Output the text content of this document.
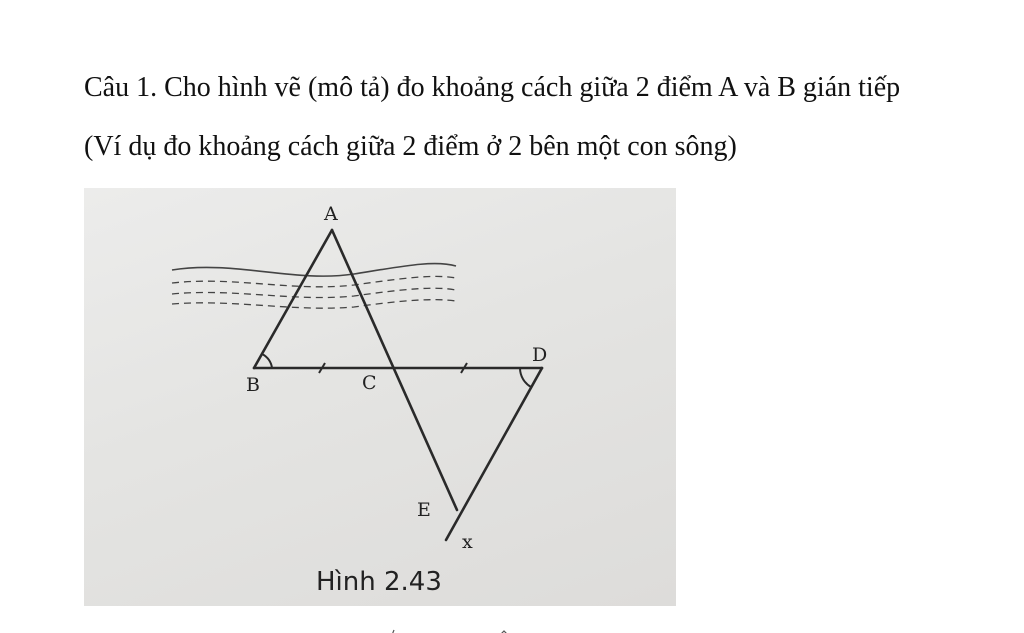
Câu 1. Cho hình vẽ (mô tả) đo khoảng cách giữa 2 điểm A và B gián tiếp
(Ví dụ đo khoảng cách giữa 2 điểm ở 2 bên một con sông)
A
B	C
D
E
x
Hình 2.43
